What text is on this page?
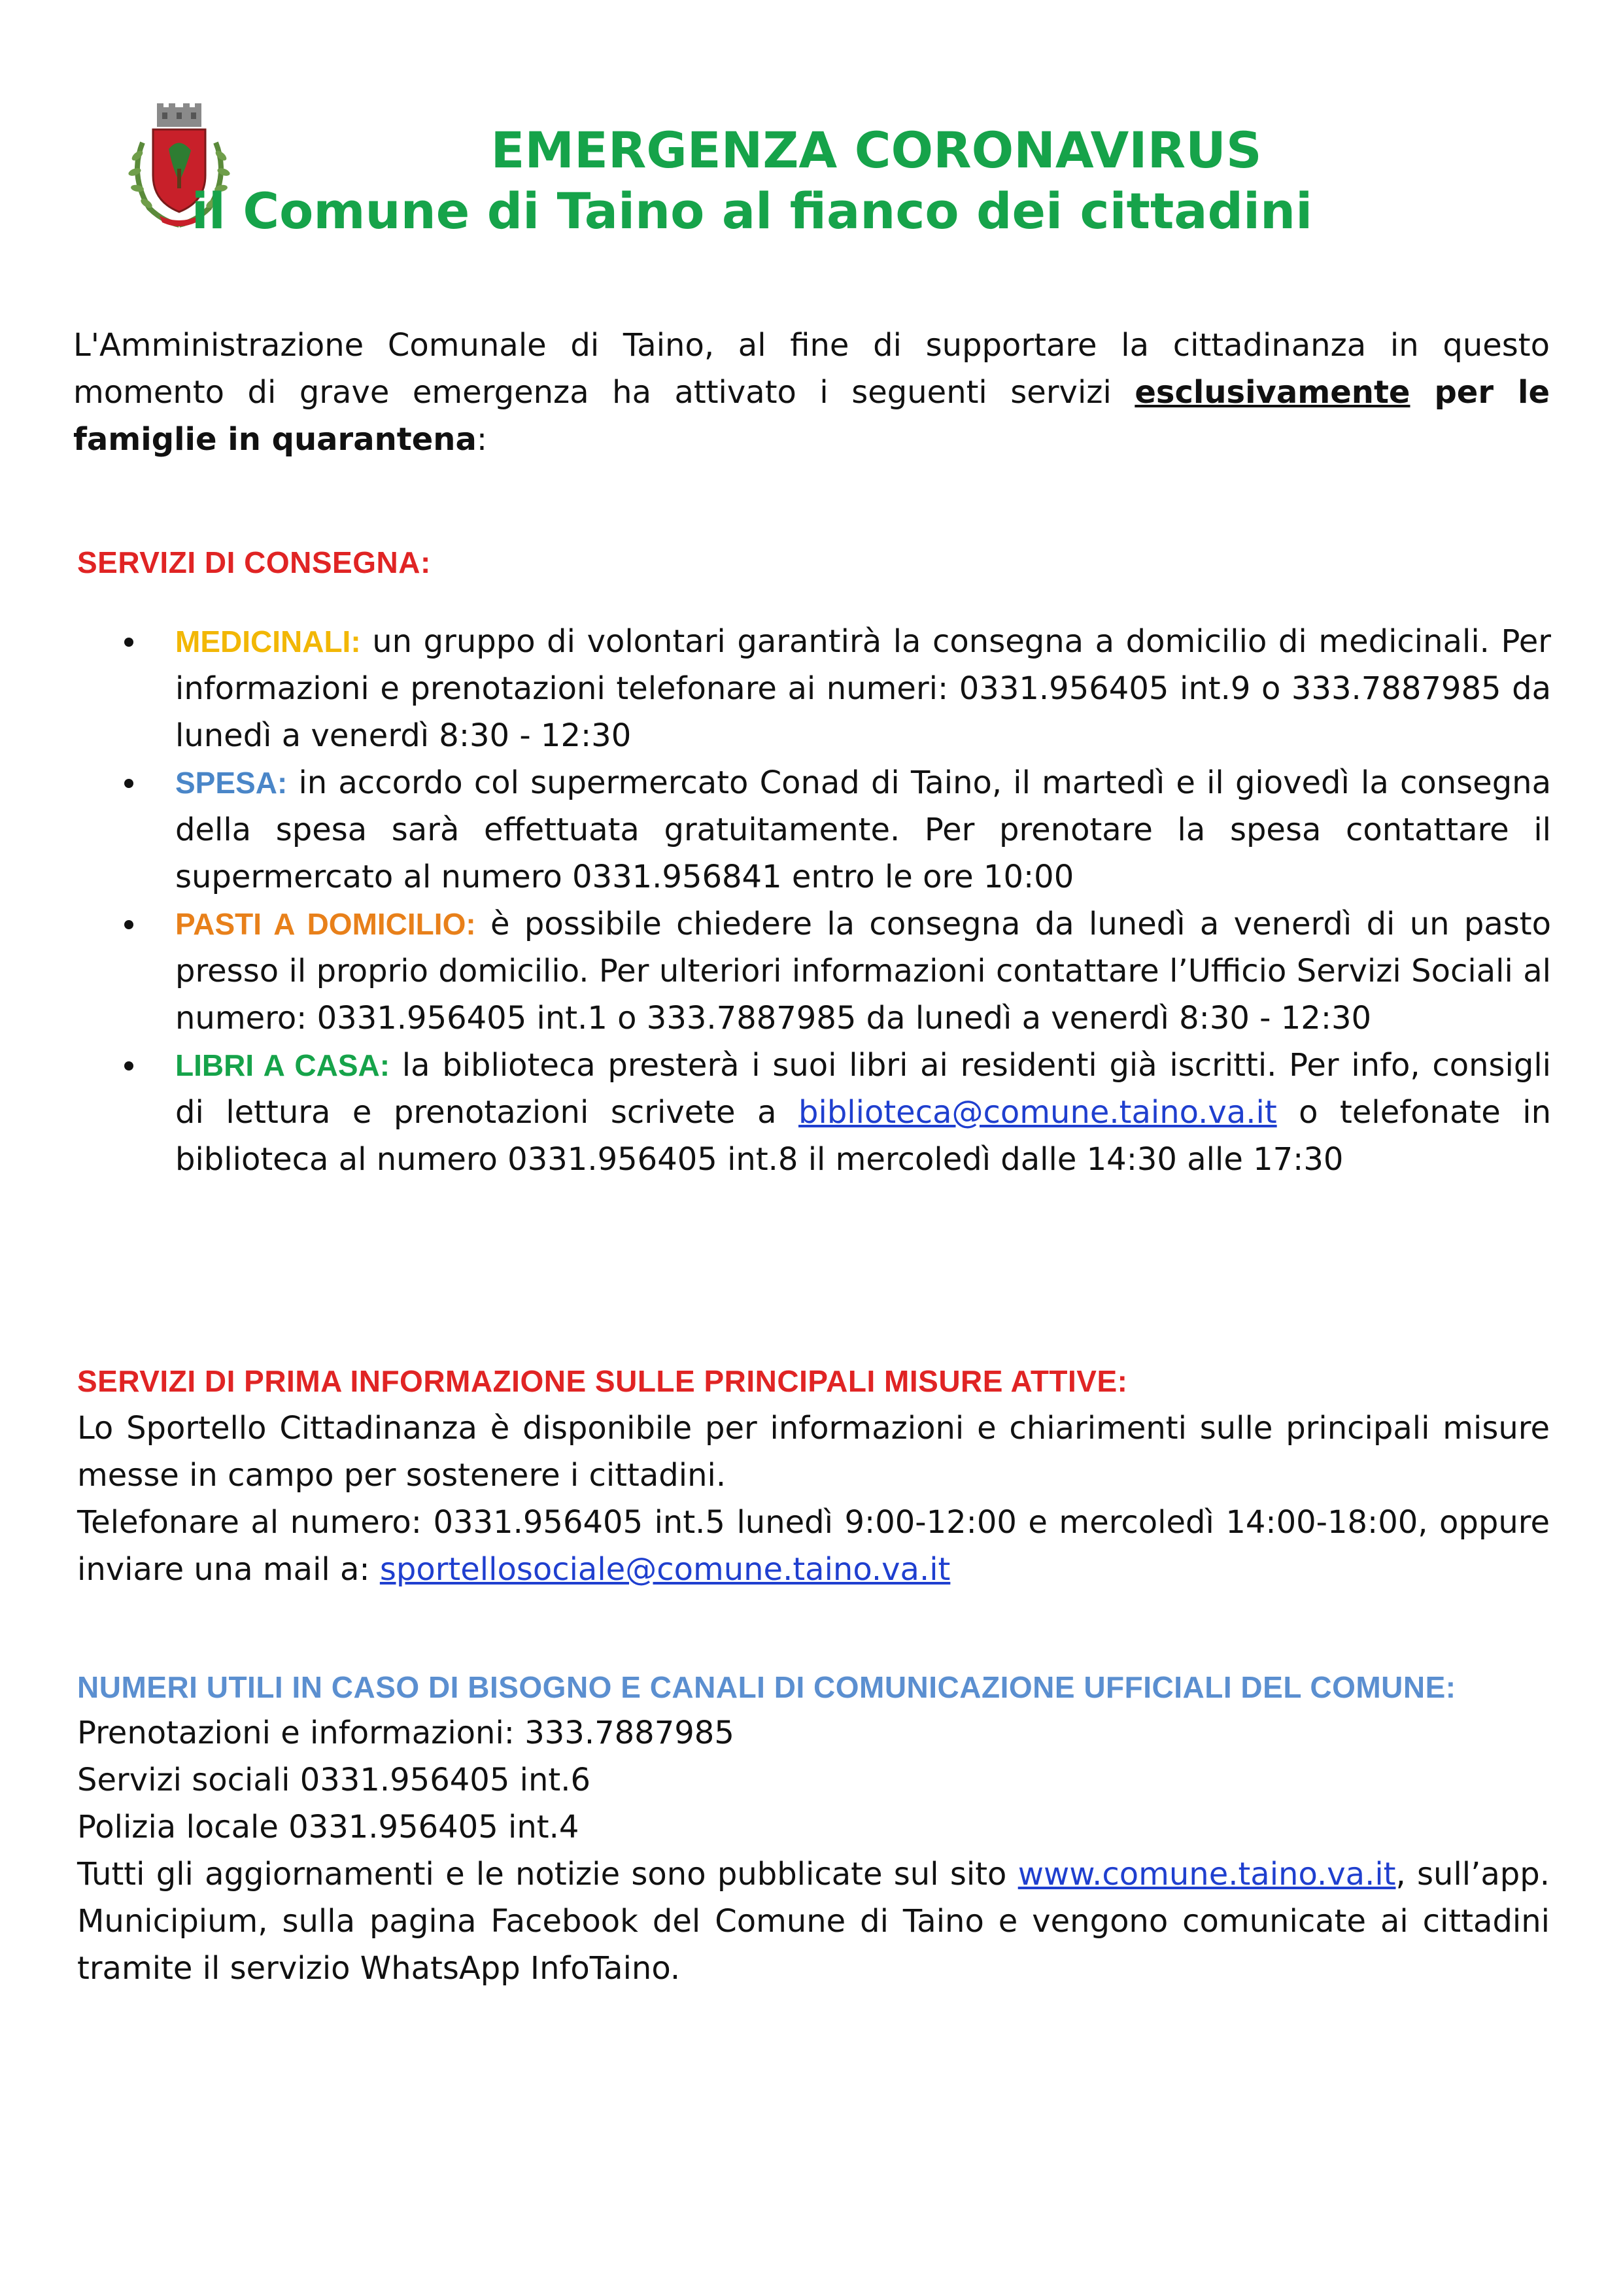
EMERGENZA CORONAVIRUS
il Comune di Taino al fianco dei cittadini
L'Amministrazione Comunale di Taino, al fine di supportare la cittadinanza in questo momento di grave emergenza ha attivato i seguenti servizi esclusivamente per le famiglie in quarantena:
SERVIZI DI CONSEGNA:
MEDICINALI: un gruppo di volontari garantirà la consegna a domicilio di medicinali. Per informazioni e prenotazioni telefonare ai numeri: 0331.956405 int.9 o 333.7887985 da lunedì a venerdì 8:30 - 12:30
SPESA: in accordo col supermercato Conad di Taino, il martedì e il giovedì la consegna della spesa sarà effettuata gratuitamente. Per prenotare la spesa contattare il supermercato al numero 0331.956841 entro le ore 10:00
PASTI A DOMICILIO: è possibile chiedere la consegna da lunedì a venerdì di un pasto presso il proprio domicilio. Per ulteriori informazioni contattare l’Ufficio Servizi Sociali al numero: 0331.956405 int.1 o 333.7887985 da lunedì a venerdì 8:30 - 12:30
LIBRI A CASA: la biblioteca presterà i suoi libri ai residenti già iscritti. Per info, consigli di lettura e prenotazioni scrivete a biblioteca@comune.taino.va.it o telefonate in biblioteca al numero 0331.956405 int.8 il mercoledì dalle 14:30 alle 17:30
SERVIZI DI PRIMA INFORMAZIONE SULLE PRINCIPALI MISURE ATTIVE:
Lo Sportello Cittadinanza è disponibile per informazioni e chiarimenti sulle principali misure messe in campo per sostenere i cittadini.
Telefonare al numero: 0331.956405 int.5 lunedì 9:00-12:00 e mercoledì 14:00-18:00, oppure inviare una mail a: sportellosociale@comune.taino.va.it
NUMERI UTILI IN CASO DI BISOGNO E CANALI DI COMUNICAZIONE UFFICIALI DEL COMUNE:
Prenotazioni e informazioni: 333.7887985
Servizi sociali 0331.956405 int.6
Polizia locale 0331.956405 int.4
Tutti gli aggiornamenti e le notizie sono pubblicate sul sito www.comune.taino.va.it, sull’app. Municipium, sulla pagina Facebook del Comune di Taino e vengono comunicate ai cittadini tramite il servizio WhatsApp InfoTaino.
